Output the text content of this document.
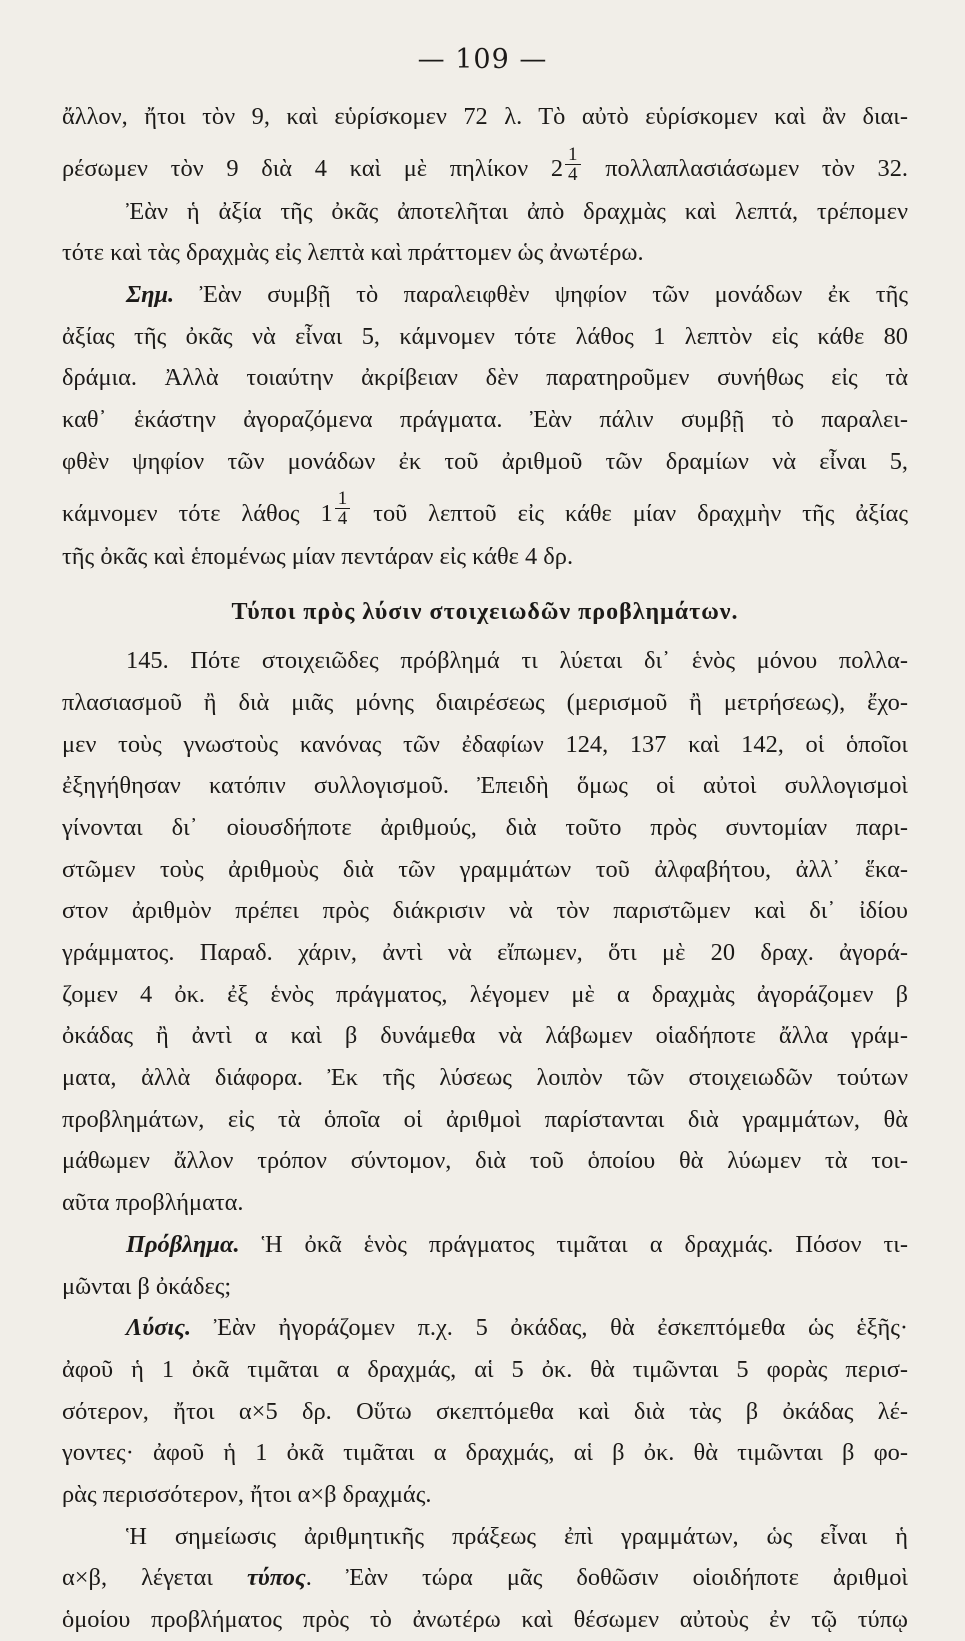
— 109 —
ἄλλον, ἤτοι τὸν 9, καὶ εὑρίσκομεν 72 λ. Τὸ αὐτὸ εὑρίσκομεν καὶ ἂν διαι-
ρέσωμεν τὸν 9 διὰ 4 καὶ μὲ πηλίκον $2 \frac{1}{4}$ πολλαπλασιάσωμεν τὸν 32.
Ἐὰν ἡ ἀξία τῆς ὀκᾶς ἀποτελῆται ἀπὸ δραχμὰς καὶ λεπτά, τρέπομεν
τότε καὶ τὰς δραχμὰς εἰς λεπτὰ καὶ πράττομεν ὡς ἀνωτέρω.
Σημ. Ἐὰν συμβῇ τὸ παραλειφθὲν ψηφίον τῶν μονάδων ἐκ τῆς
ἀξίας τῆς ὀκᾶς νὰ εἶναι 5, κάμνομεν τότε λάθος 1 λεπτὸν εἰς κάθε 80
δράμια. Ἀλλὰ τοιαύτην ἀκρίβειαν δὲν παρατηροῦμεν συνήθως εἰς τὰ
καθ᾽ ἑκάστην ἀγοραζόμενα πράγματα. Ἐὰν πάλιν συμβῇ τὸ παραλει-
φθὲν ψηφίον τῶν μονάδων ἐκ τοῦ ἀριθμοῦ τῶν δραμίων νὰ εἶναι 5,
κάμνομεν τότε λάθος $1 \frac{1}{4}$ τοῦ λεπτοῦ εἰς κάθε μίαν δραχμὴν τῆς ἀξίας
τῆς ὀκᾶς καὶ ἑπομένως μίαν πεντάραν εἰς κάθε 4 δρ.
Τύποι πρὸς λύσιν στοιχειωδῶν προβλημάτων.
145. Πότε στοιχειῶδες πρόβλημά τι λύεται δι᾽ ἑνὸς μόνου πολλα-
πλασιασμοῦ ἢ διὰ μιᾶς μόνης διαιρέσεως (μερισμοῦ ἢ μετρήσεως), ἔχο-
μεν τοὺς γνωστοὺς κανόνας τῶν ἐδαφίων 124, 137 καὶ 142, οἱ ὁποῖοι
ἐξηγήθησαν κατόπιν συλλογισμοῦ. Ἐπειδὴ ὅμως οἱ αὐτοὶ συλλογισμοὶ
γίνονται δι᾽ οἱουσδήποτε ἀριθμούς, διὰ τοῦτο πρὸς συντομίαν παρι-
στῶμεν τοὺς ἀριθμοὺς διὰ τῶν γραμμάτων τοῦ ἀλφαβήτου, ἀλλ᾽ ἕκα-
στον ἀριθμὸν πρέπει πρὸς διάκρισιν νὰ τὸν παριστῶμεν καὶ δι᾽ ἰδίου
γράμματος. Παραδ. χάριν, ἀντὶ νὰ εἴπωμεν, ὅτι μὲ 20 δραχ. ἀγορά-
ζομεν 4 ὀκ. ἐξ ἑνὸς πράγματος, λέγομεν μὲ α δραχμὰς ἀγοράζομεν β
ὀκάδας ἢ ἀντὶ α καὶ β δυνάμεθα νὰ λάβωμεν οἱαδήποτε ἄλλα γράμ-
ματα, ἀλλὰ διάφορα. Ἐκ τῆς λύσεως λοιπὸν τῶν στοιχειωδῶν τούτων
προβλημάτων, εἰς τὰ ὁποῖα οἱ ἀριθμοὶ παρίστανται διὰ γραμμάτων, θὰ
μάθωμεν ἄλλον τρόπον σύντομον, διὰ τοῦ ὁποίου θὰ λύωμεν τὰ τοι-
αῦτα προβλήματα.
Πρόβλημα. Ἡ ὀκᾶ ἑνὸς πράγματος τιμᾶται α δραχμάς. Πόσον τι-
μῶνται β ὀκάδες;
Λύσις. Ἐὰν ἠγοράζομεν π.χ. 5 ὀκάδας, θὰ ἐσκεπτόμεθα ὡς ἑξῆς·
ἀφοῦ ἡ 1 ὀκᾶ τιμᾶται α δραχμάς, αἱ 5 ὀκ. θὰ τιμῶνται 5 φορὰς περισ-
σότερον, ἤτοι α×5 δρ. Οὕτω σκεπτόμεθα καὶ διὰ τὰς β ὀκάδας λέ-
γοντες· ἀφοῦ ἡ 1 ὀκᾶ τιμᾶται α δραχμάς, αἱ β ὀκ. θὰ τιμῶνται β φο-
ρὰς περισσότερον, ἤτοι α×β δραχμάς.
Ἡ σημείωσις ἀριθμητικῆς πράξεως ἐπὶ γραμμάτων, ὡς εἶναι ἡ
α×β, λέγεται τύπος. Ἐὰν τώρα μᾶς δοθῶσιν οἱοιδήποτε ἀριθμοὶ
ὁμοίου προβλήματος πρὸς τὸ ἀνωτέρω καὶ θέσωμεν αὐτοὺς ἐν τῷ τύπῳ
